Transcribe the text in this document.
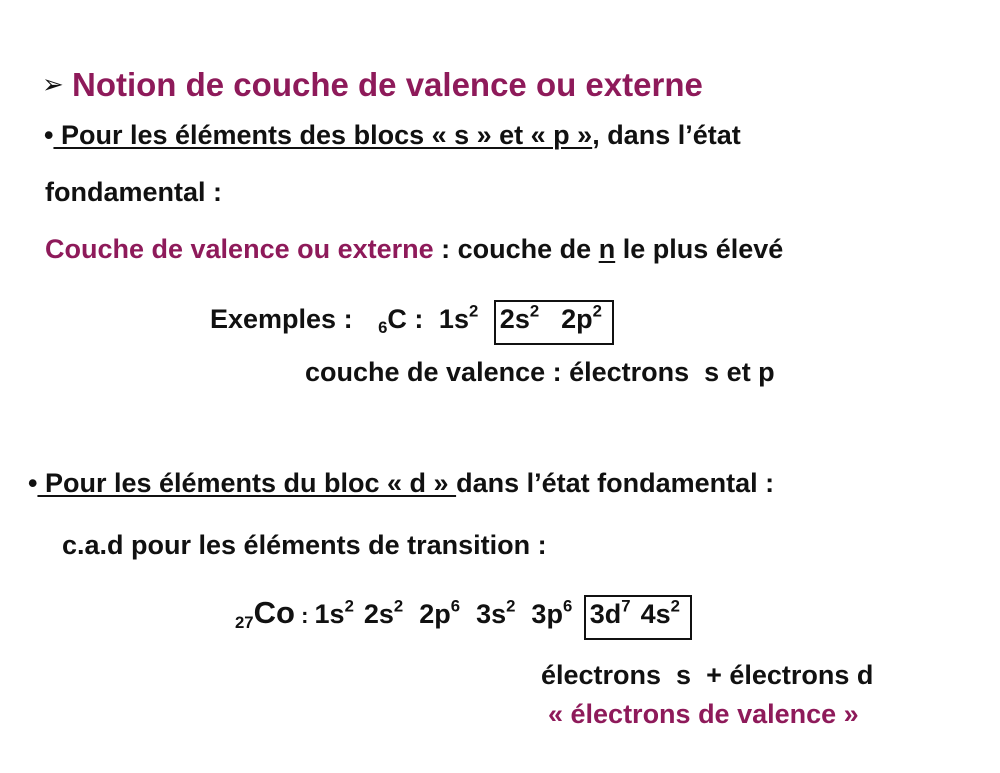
➢ Notion de couche de valence ou externe
• Pour les éléments des blocs « s » et « p », dans l’état
fondamental :
Couche de valence ou externe : couche de n le plus élevé
Exemples : $_6$C : $1s^2$ $2s^2$ $2p^2$
couche de valence : électrons  s et p
• Pour les éléments du bloc « d » dans l’état fondamental :
c.a.d pour les éléments de transition :
$_{27}$Co : $1s^2$ $2s^2$ $2p^6$ $3s^2$ $3p^6$ $3d^7$ $4s^2$
électrons  s  + électrons d
« électrons de valence »
